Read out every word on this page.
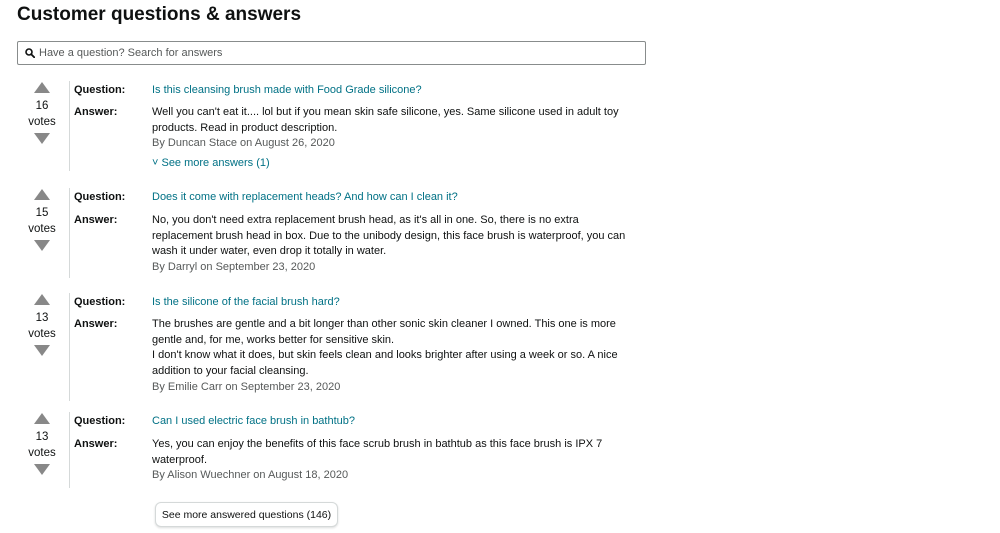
Customer questions & answers
Have a question? Search for answers
16
votes
Question: Is this cleansing brush made with Food Grade silicone?
Answer:	Well you can't eat it.... lol but if you mean skin safe silicone, yes. Same silicone used in adult toy
products. Read in product description.
By Duncan Stace on August 26, 2020
˅ See more answers (1)
15
votes
Question: Does it come with replacement heads? And how can I clean it?
Answer:	No, you don't need extra replacement brush head, as it's all in one. So, there is no extra
replacement brush head in box. Due to the unibody design, this face brush is waterproof, you can
wash it under water, even drop it totally in water.
By Darryl on September 23, 2020
13
votes
Question: Is the silicone of the facial brush hard?
Answer:	The brushes are gentle and a bit longer than other sonic skin cleaner I owned. This one is more
gentle and, for me, works better for sensitive skin.
I don't know what it does, but skin feels clean and looks brighter after using a week or so. A nice
addition to your facial cleansing.
By Emilie Carr on September 23, 2020
13
votes
Question: Can I used electric face brush in bathtub?
Answer:	Yes, you can enjoy the benefits of this face scrub brush in bathtub as this face brush is IPX 7
waterproof.
By Alison Wuechner on August 18, 2020
See more answered questions (146)
